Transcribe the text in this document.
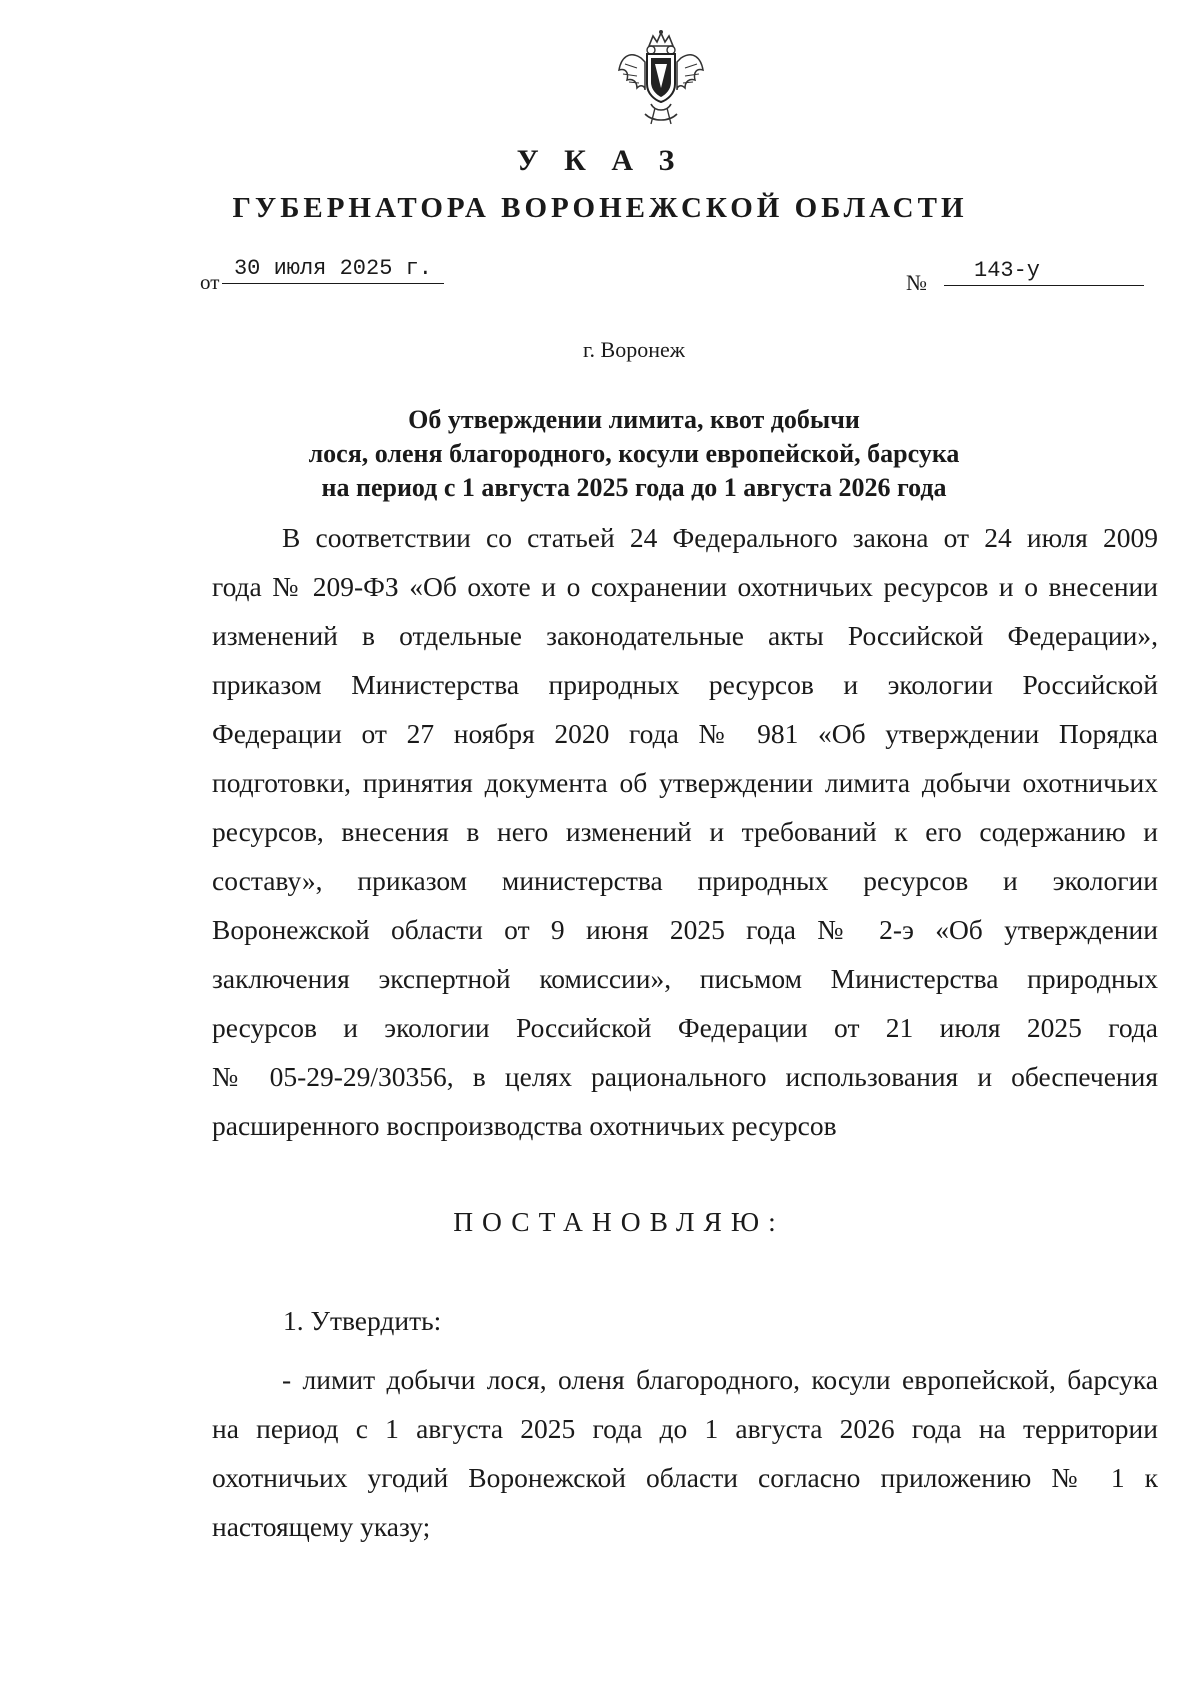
У К А З
ГУБЕРНАТОРА ВОРОНЕЖСКОЙ ОБЛАСТИ
от
30 июля 2025 г.
№	143-у
г. Воронеж
Об утверждении лимита, квот добычи
лося, оленя благородного, косули европейской, барсука
на период с 1 августа 2025 года до 1 августа 2026 года
В соответствии со статьей 24 Федерального закона от 24 июля 2009
года № 209-ФЗ «Об охоте и о сохранении охотничьих ресурсов и о внесении
изменений в отдельные законодательные акты Российской Федерации»,
приказом Министерства природных ресурсов и экологии Российской
Федерации от 27 ноября 2020 года № 981 «Об утверждении Порядка
подготовки, принятия документа об утверждении лимита добычи охотничьих
ресурсов, внесения в него изменений и требований к его содержанию и
составу», приказом министерства природных ресурсов и экологии
Воронежской области от 9 июня 2025 года № 2-э «Об утверждении
заключения экспертной комиссии», письмом Министерства природных
ресурсов и экологии Российской Федерации от 21 июля 2025 года
№ 05-29-29/30356, в целях рационального использования и обеспечения
расширенного воспроизводства охотничьих ресурсов
ПОСТАНОВЛЯЮ:
1. Утвердить:
- лимит добычи лося, оленя благородного, косули европейской, барсука
на период с 1 августа 2025 года до 1 августа 2026 года на территории
охотничьих угодий Воронежской области согласно приложению № 1 к
настоящему указу;
